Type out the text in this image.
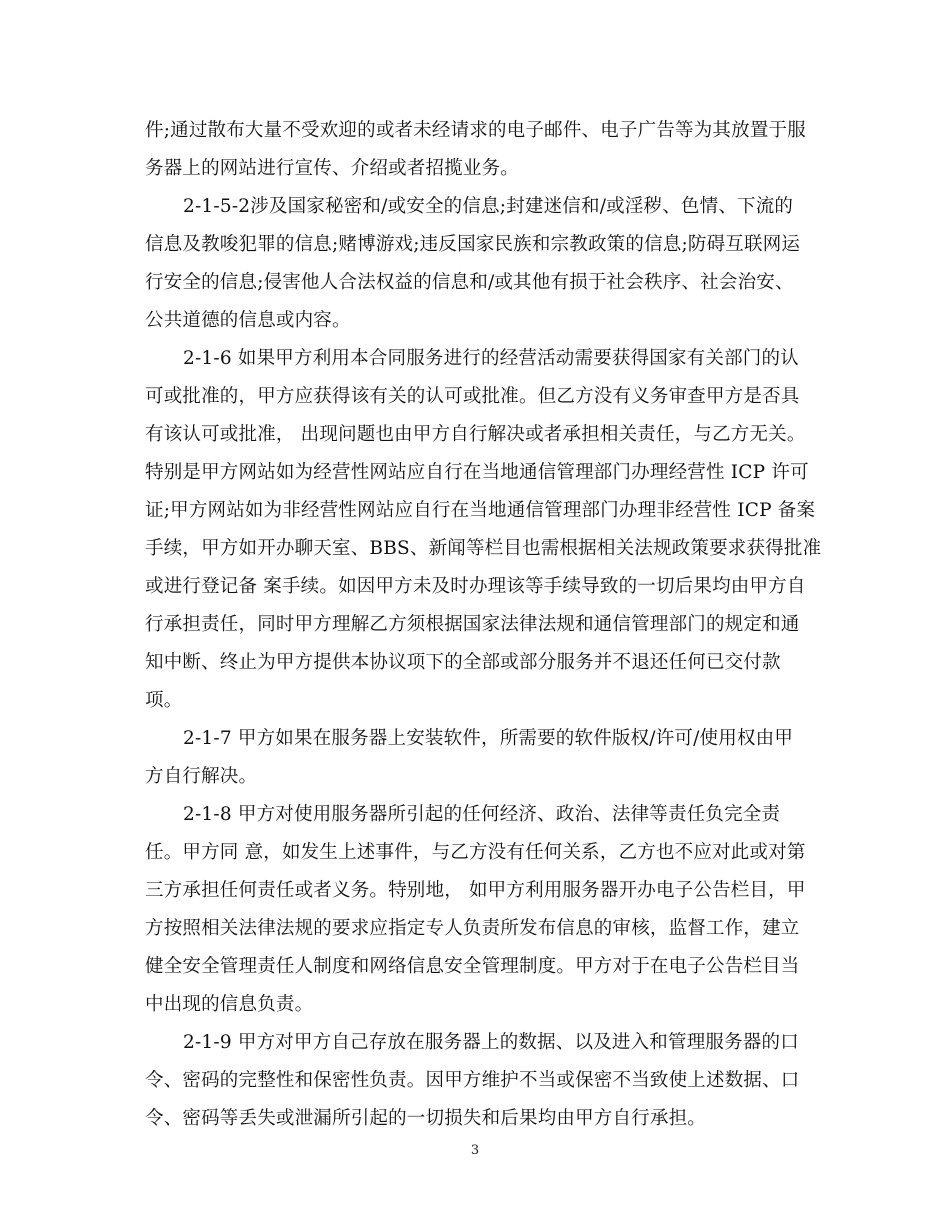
件;通过散布大量不受欢迎的或者未经请求的电子邮件、电子广告等为其放置于服
务器上的网站进行宣传、介绍或者招揽业务。
2-1-5-2涉及国家秘密和/或安全的信息;封建迷信和/或淫秽、色情、下流的
信息及教唆犯罪的信息;赌博游戏;违反国家民族和宗教政策的信息;防碍互联网运
行安全的信息;侵害他人合法权益的信息和/或其他有损于社会秩序、社会治安、
公共道德的信息或内容。
2-1-6 如果甲方利用本合同服务进行的经营活动需要获得国家有关部门的认
可或批准的，甲方应获得该有关的认可或批准。但乙方没有义务审查甲方是否具
有该认可或批准， 出现问题也由甲方自行解决或者承担相关责任，与乙方无关。
特别是甲方网站如为经营性网站应自行在当地通信管理部门办理经营性 ICP 许可
证;甲方网站如为非经营性网站应自行在当地通信管理部门办理非经营性 ICP 备案
手续，甲方如开办聊天室、BBS、新闻等栏目也需根据相关法规政策要求获得批准
或进行登记备 案手续。如因甲方未及时办理该等手续导致的一切后果均由甲方自
行承担责任，同时甲方理解乙方须根据国家法律法规和通信管理部门的规定和通
知中断、终止为甲方提供本协议项下的全部或部分服务并不退还任何已交付款
项。
2-1-7 甲方如果在服务器上安装软件，所需要的软件版权/许可/使用权由甲
方自行解决。
2-1-8 甲方对使用服务器所引起的任何经济、政治、法律等责任负完全责
任。甲方同 意，如发生上述事件，与乙方没有任何关系，乙方也不应对此或对第
三方承担任何责任或者义务。特别地， 如甲方利用服务器开办电子公告栏目，甲
方按照相关法律法规的要求应指定专人负责所发布信息的审核，监督工作，建立
健全安全管理责任人制度和网络信息安全管理制度。甲方对于在电子公告栏目当
中出现的信息负责。
2-1-9 甲方对甲方自己存放在服务器上的数据、以及进入和管理服务器的口
令、密码的完整性和保密性负责。因甲方维护不当或保密不当致使上述数据、口
令、密码等丢失或泄漏所引起的一切损失和后果均由甲方自行承担。
3
